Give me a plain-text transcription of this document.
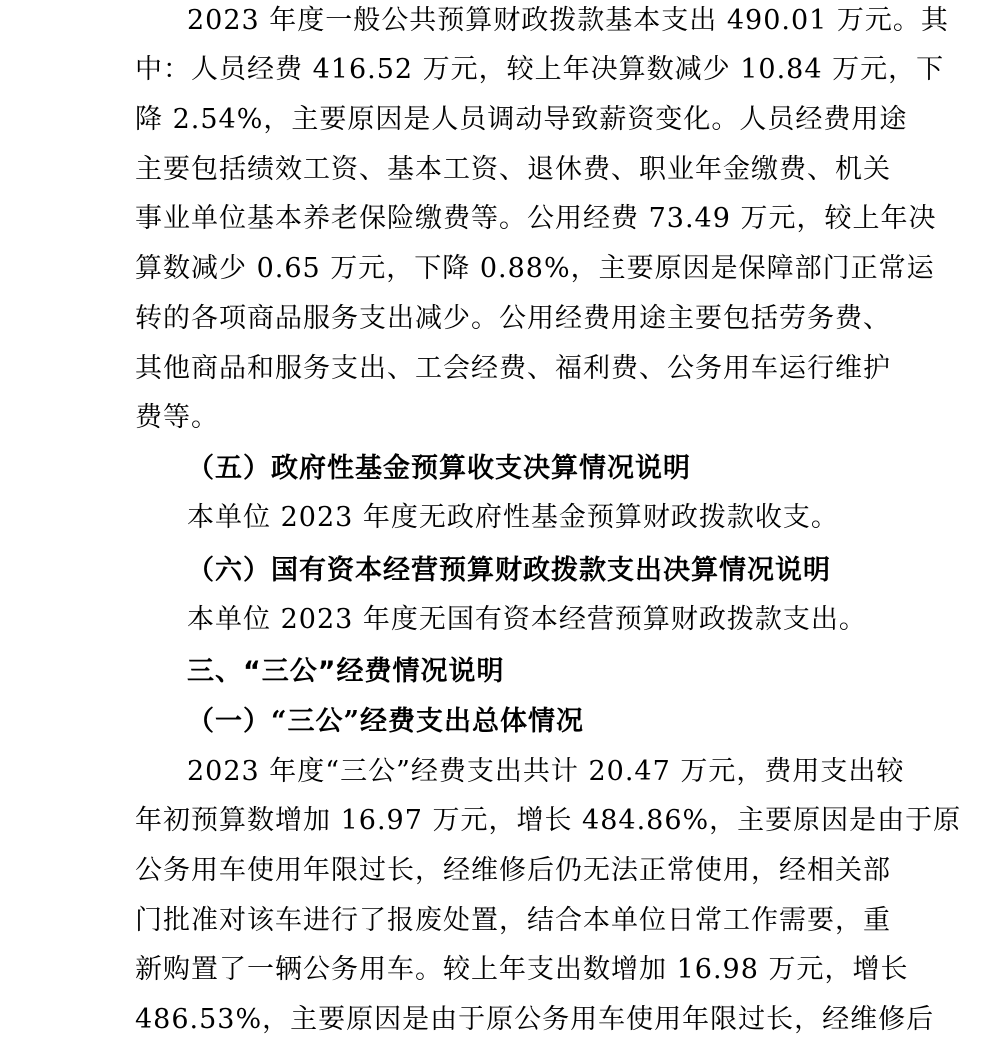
2023 年度一般公共预算财政拨款基本支出 490.01 万元。其
中：人员经费 416.52 万元，较上年决算数减少 10.84 万元，下
降 2.54%，主要原因是人员调动导致薪资变化。人员经费用途
主要包括绩效工资、基本工资、退休费、职业年金缴费、机关
事业单位基本养老保险缴费等。公用经费 73.49 万元，较上年决
算数减少 0.65 万元，下降 0.88%，主要原因是保障部门正常运
转的各项商品服务支出减少。公用经费用途主要包括劳务费、
其他商品和服务支出、工会经费、福利费、公务用车运行维护
费等。
（五）政府性基金预算收支决算情况说明
本单位 2023 年度无政府性基金预算财政拨款收支。
（六）国有资本经营预算财政拨款支出决算情况说明
本单位 2023 年度无国有资本经营预算财政拨款支出。
三、“三公”经费情况说明
（一）“三公”经费支出总体情况
2023 年度“三公”经费支出共计 20.47 万元，费用支出较
年初预算数增加 16.97 万元，增长 484.86%，主要原因是由于原
公务用车使用年限过长，经维修后仍无法正常使用，经相关部
门批准对该车进行了报废处置，结合本单位日常工作需要，重
新购置了一辆公务用车。较上年支出数增加 16.98 万元，增长
486.53%，主要原因是由于原公务用车使用年限过长，经维修后
